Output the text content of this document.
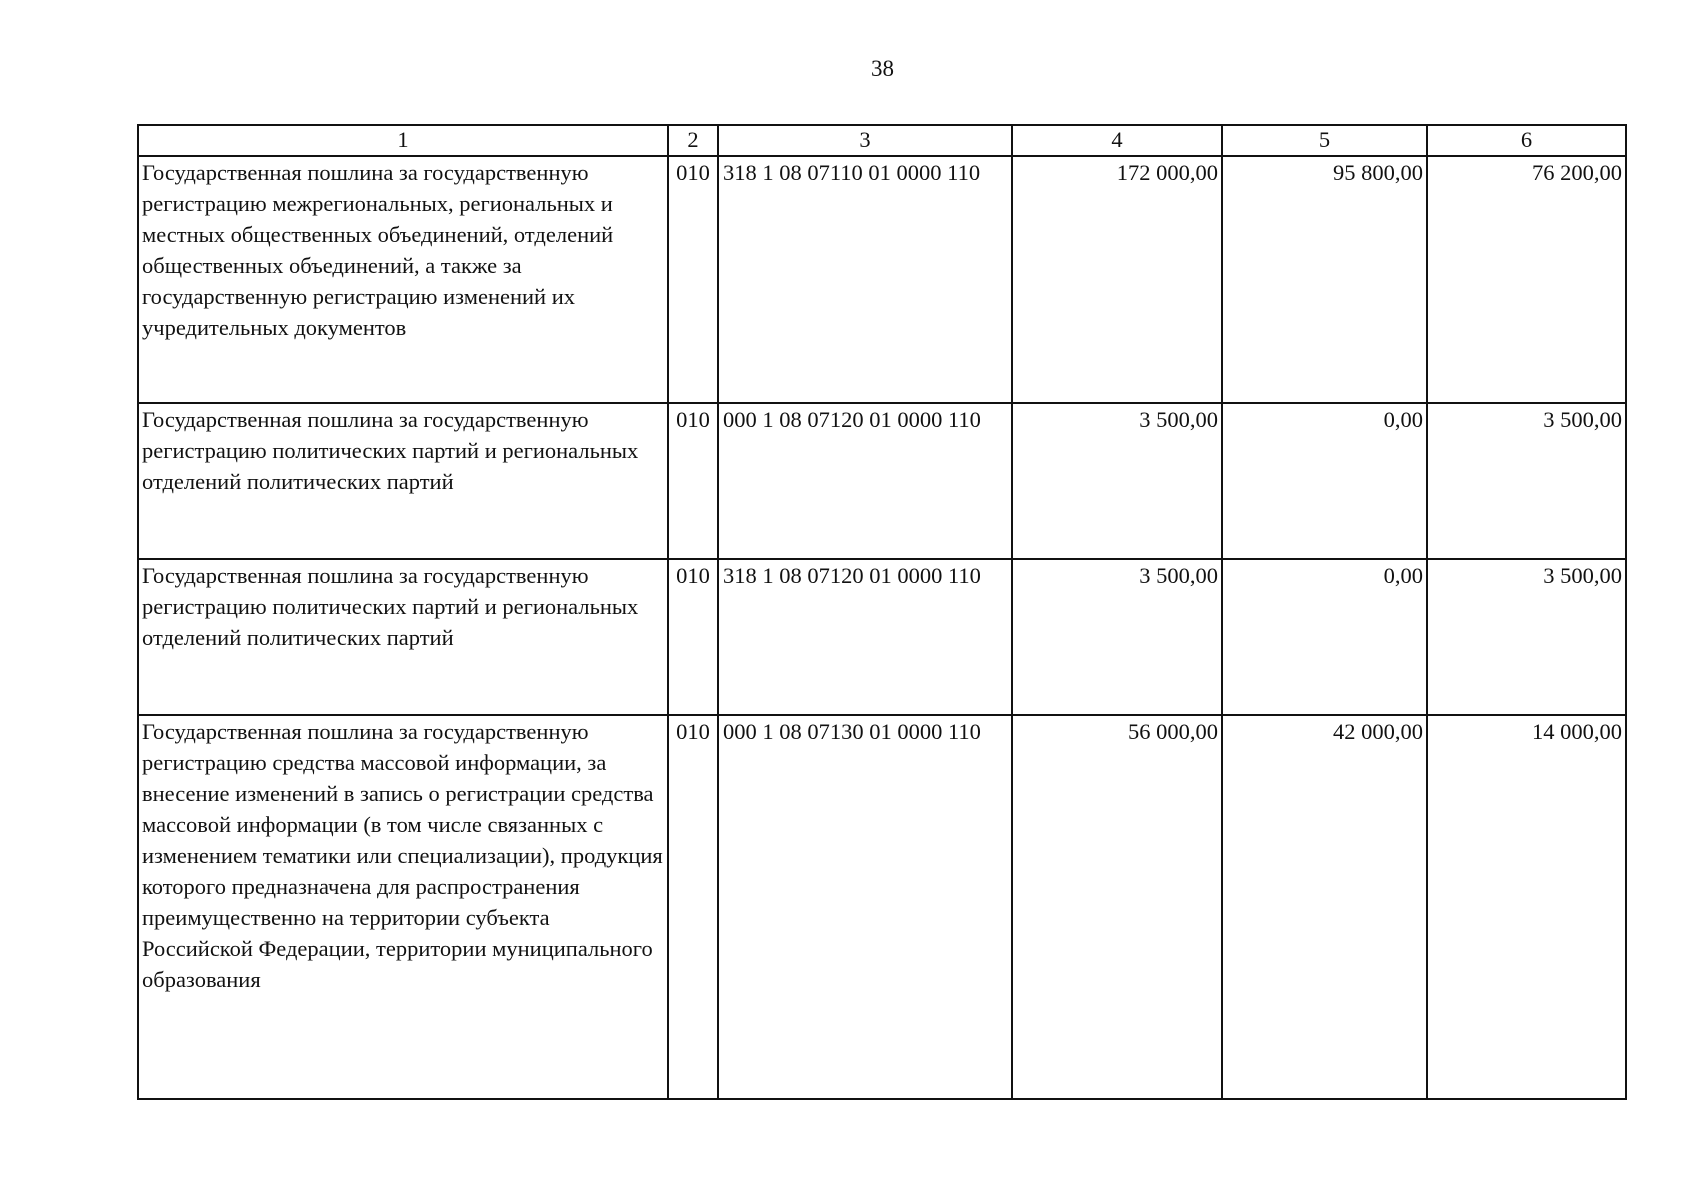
38
1	2	3	4	5	6
Государственная пошлина за государственную регистрацию межрегиональных, региональных и местных общественных объединений, отделений общественных объединений, а также за государственную регистрацию изменений их учредительных документов	010	318 1 08 07110 01 0000 110	172 000,00	95 800,00	76 200,00
Государственная пошлина за государственную регистрацию политических партий и региональных отделений политических партий	010	000 1 08 07120 01 0000 110	3 500,00	0,00	3 500,00
Государственная пошлина за государственную регистрацию политических партий и региональных отделений политических партий	010	318 1 08 07120 01 0000 110	3 500,00	0,00	3 500,00
Государственная пошлина за государственную регистрацию средства массовой информации, за внесение изменений в запись о регистрации средства массовой информации (в том числе связанных с изменением тематики или специализации), продукция которого предназначена для распространения преимущественно на территории субъекта Российской Федерации, территории муниципального образования	010	000 1 08 07130 01 0000 110	56 000,00	42 000,00	14 000,00
